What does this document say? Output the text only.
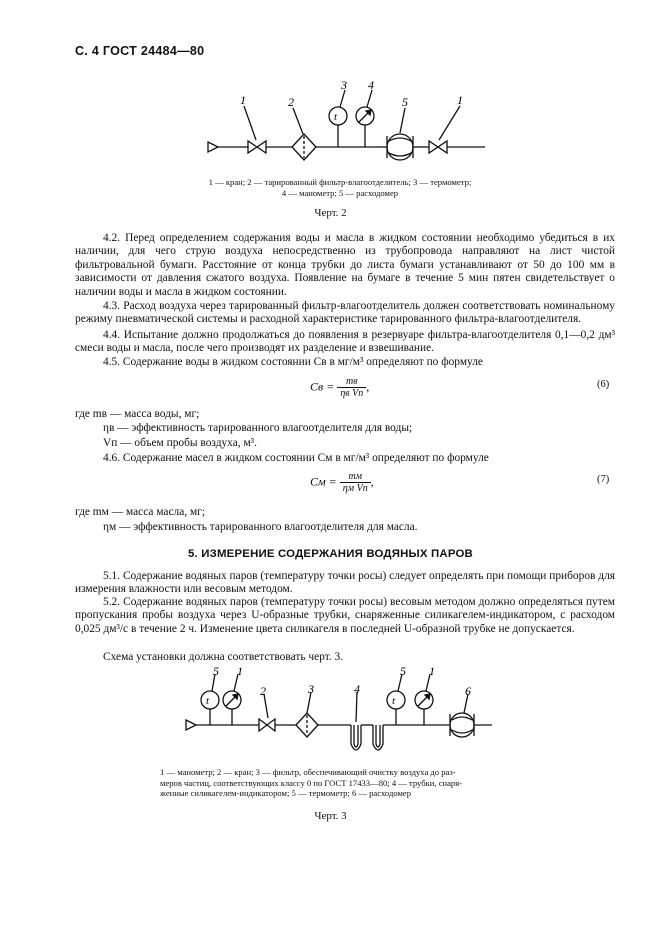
С. 4 ГОСТ 24484—80
1	2
3 4
5	1
t
1 — кран; 2 — тарированный фильтр-влагоотделитель; 3 — термометр;
4 — манометр; 5 — расходомер
Черт. 2
4.2. Перед определением содержания воды и масла в жидком состоянии необходимо убедиться в их наличии, для чего струю воздуха непосредственно из трубопровода направляют на лист чистой фильтровальной бумаги. Расстояние от конца трубки до листа бумаги устанавливают от 50 до 100 мм в зависимости от давления сжатого воздуха. Появление на бумаге в течение 5 мин пятен свидетельствует о наличии воды и масла в жидком состоянии.
4.3. Расход воздуха через тарированный фильтр-влагоотделитель должен соответствовать номинальному режиму пневматической системы и расходной характеристике тарированного фильтра-влагоотделителя.
4.4. Испытание должно продолжаться до появления в резервуаре фильтра-влагоотделителя 0,1—0,2 дм³ смеси воды и масла, после чего производят их разделение и взвешивание.
4.5. Содержание воды в жидком состоянии Cв в мг/м³ определяют по формуле
Cв = $\frac{mв}{\text{ηв Vп}}$ ,	(6)
где mв — масса воды, мг;
ηв — эффективность тарированного влагоотделителя для воды;
Vп — объем пробы воздуха, м³.
4.6. Содержание масел в жидком состоянии Cм в мг/м³ определяют по формуле
Cм = $\frac{mм}{\text{ηм Vп}}$ ,	(7)
где mм — масса масла, мг;
ηм — эффективность тарированного влагоотделителя для масла.
5. ИЗМЕРЕНИЕ СОДЕРЖАНИЯ ВОДЯНЫХ ПАРОВ
5.1. Содержание водяных паров (температуру точки росы) следует определять при помощи приборов для измерения влажности или весовым методом.
5.2. Содержание водяных паров (температуру точки росы) весовым методом должно определяться путем пропускания пробы воздуха через U-образные трубки, снаряженные силикагелем-индикатором, с расходом 0,025 дм³/с в течение 2 ч. Изменение цвета силикагеля в последней U-образной трубке не допускается.
Схема установки должна соответствовать черт. 3.
5 1
2	3	4
5 1
6
t	t
1 — манометр; 2 — кран; 3 — фильтр, обеспечивающий очистку воздуха до раз-
меров частиц, соответствующих классу 0 по ГОСТ 17433—80; 4 — трубки, снаря-
женные силикагелем-индикатором; 5 — термометр; 6 — расходомер
Черт. 3
